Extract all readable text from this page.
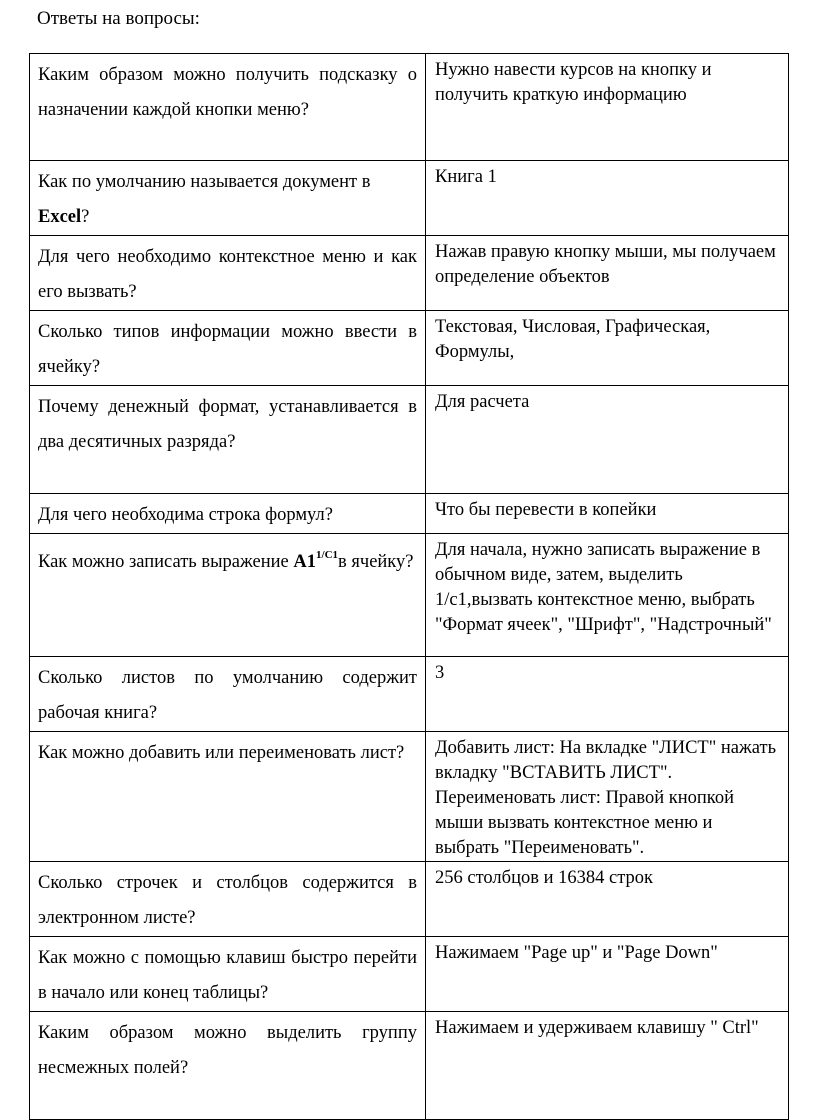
Ответы на вопросы:
Каким образом можно получить подсказку о назначении каждой кнопки меню?	Нужно навести курсов на кнопку и получить краткую информацию

Как по умолчанию называется документ в Excel?	Книга 1
Для чего необходимо контекстное меню и как его вызвать?	Нажав правую кнопку мыши, мы получаем определение объектов
Сколько типов информации можно ввести в ячейку?	Текстовая, Числовая, Графическая, Формулы,
Почему денежный формат, устанавливается в два десятичных разряда?	Для расчета
Для чего необходима строка формул?	Что бы перевести в копейки

Как можно записать выражение $A1^{1/C1}в$ ячейку?	Для начала, нужно записать выражение в обычном виде, затем, выделить 1/c1,вызвать контекстное меню, выбрать "Формат ячеек", "Шрифт", "Надстрочный"
Сколько листов по умолчанию содержит рабочая книга?	3
Как можно добавить или переименовать лист?	Добавить лист: На вкладке "ЛИСТ" нажать вкладку "ВСТАВИТЬ ЛИСТ". Переименовать лист: Правой кнопкой мыши вызвать контекстное меню и выбрать "Переименовать".
Сколько строчек и столбцов содержится в электронном листе?	256 столбцов и 16384 строк
Как можно с помощью клавиш быстро перейти в начало или конец таблицы?	Нажимаем "Page up" и "Page Down"
Каким образом можно выделить группу несмежных полей?	Нажимаем и удерживаем клавишу " Ctrl"
